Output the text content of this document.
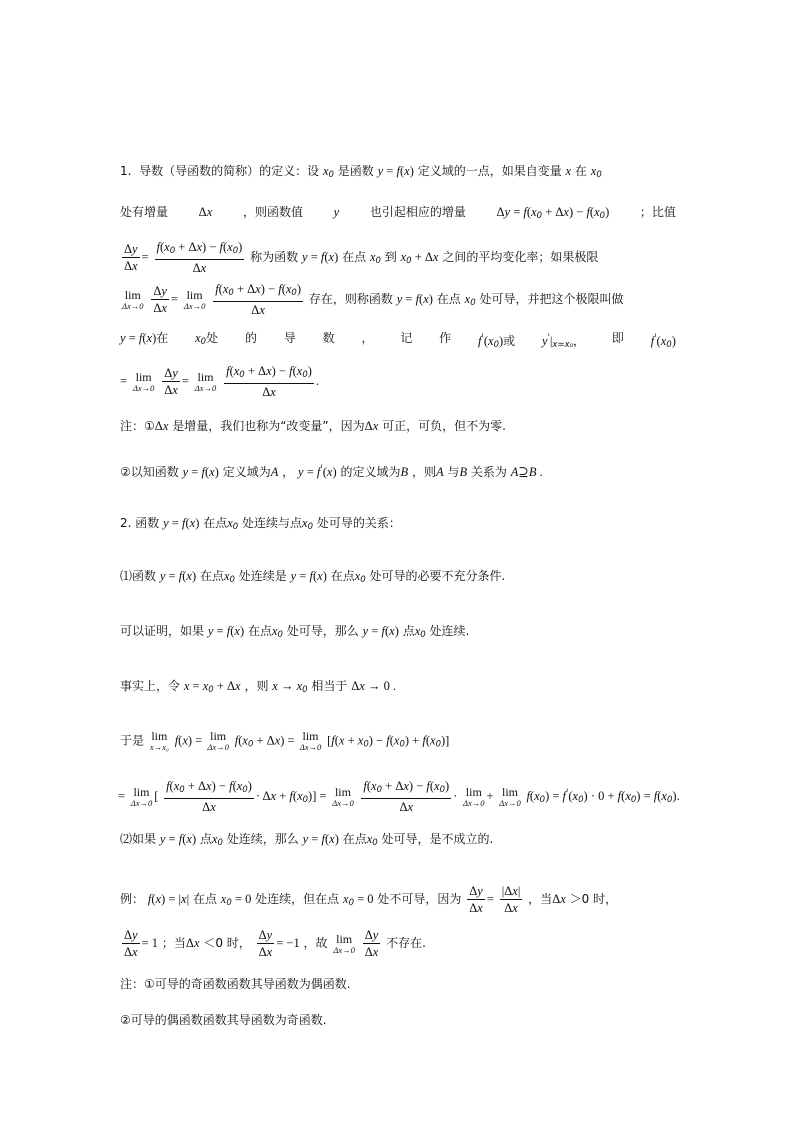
1. 导数（导函数的简称）的定义：设 $x_0$ 是函数 y = f(x) 定义域的一点，如果自变量 x 在 $x_0$
处有增量 Δx	，则函数值 y	也引起相应的增量 $\Delta y = f(x_0 + \Delta x) - f(x_0)$	；比值
$\frac{\Delta y}{\Delta x} = \frac{f(x_0 + \Delta x) - f(x_0)}{\Delta x}$ 称为函数 y = f(x) 在点 $x_0$ 到 $x_0 + \Delta x$ 之间的平均变化率；如果极限
lim
Δx→0
$\frac{\Delta y}{\Delta x} = \lim$
Δx→0
$\frac{f(x_0 + \Delta x) - f(x_0)}{\Delta x}$ 存在，则称函数 y = f(x) 在点 $x_0$ 处可导，并把这个极限叫做
y = f(x)在 $x_0$处 的 导 数 ， 记 作 $f'(x_0)$或 $y'|_{x=x_0}$， 即 $f'(x_0)$
= lim
Δx→0
$\frac{\Delta y}{\Delta x} = \lim$
Δx→0
$\frac{f(x_0 + \Delta x) - f(x_0)}{\Delta x}$ .
注：①Δx 是增量，我们也称为“改变量”，因为Δx 可正，可负，但不为零.
②以知函数 y = f(x) 定义域为A ， y = f'(x) 的定义域为B ，则A 与B 关系为 A⊇B .
2. 函数 y = f(x) 在点$x_0$ 处连续与点$x_0$ 处可导的关系：
⑴函数 y = f(x) 在点$x_0$ 处连续是 y = f(x) 在点$x_0$ 处可导的必要不充分条件.
可以证明，如果 y = f(x) 在点$x_0$ 处可导，那么 y = f(x) 点$x_0$ 处连续.
事实上，令 $x = x_0 + \Delta x$ ，则 $x \to x_0$ 相当于 Δx → 0 .
于是 lim
x→x₀ f(x) = lim
Δx→0 $f(x_0 + \Delta x) = \lim$
Δx→0 $[f(x + x_0) - f(x_0) + f(x_0)]$
= lim
Δx→0 [ $\frac{f(x_0 + \Delta x) - f(x_0)}{\Delta x} \cdot \Delta x + f(x_0)] = \lim$
Δx→0
$\frac{f(x_0 + \Delta x) - f(x_0)}{\Delta x} \cdot \lim$
Δx→0 + lim
Δx→0 $f(x_0) = f'(x_0) \cdot 0 + f(x_0) = f(x_0)$.
⑵如果 y = f(x) 点$x_0$ 处连续，那么 y = f(x) 在点$x_0$ 处可导，是不成立的.
例： f(x) = |x| 在点 $x_0 = 0$ 处连续，但在点 $x_0 = 0$ 处不可导，因为 $\frac{\Delta y}{\Delta x} = \frac{|\Delta x|}{\Delta x}$ ，当Δx ＞0 时，
$\frac{\Delta y}{\Delta x} = 1$ ；当Δx ＜0 时， $\frac{\Delta y}{\Delta x} = -1$ ，故 lim
Δx→0
$\frac{\Delta y}{\Delta x}$ 不存在.
注：①可导的奇函数函数其导函数为偶函数.
②可导的偶函数函数其导函数为奇函数.
